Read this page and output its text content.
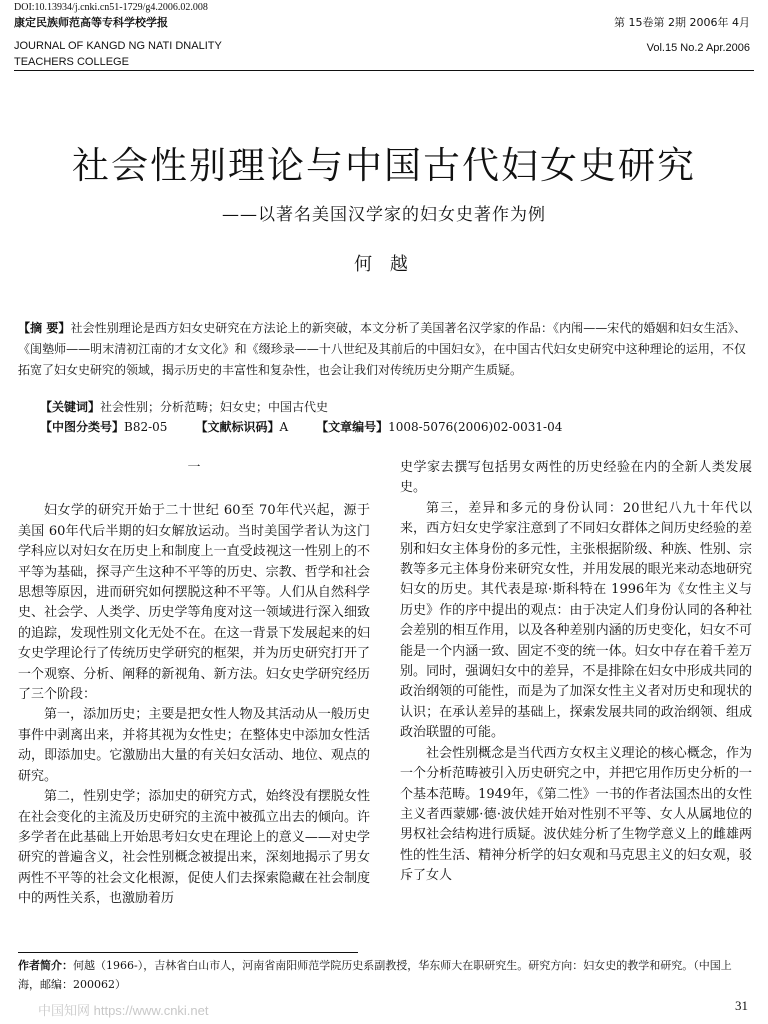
DOI:10.13934/j.cnki.cn51-1729/g4.2006.02.008
康定民族师范高等专科学校学报
JOURNAL OF KANGD NG NATI DNALITY
TEACHERS COLLEGE
第 15卷第 2期 2006年 4月
Vol.15 No.2 Apr.2006
社会性别理论与中国古代妇女史研究
——以著名美国汉学家的妇女史著作为例
何 越
【摘 要】社会性别理论是西方妇女史研究在方法论上的新突破，本文分析了美国著名汉学家的作品：《内闱——宋代的婚姻和妇女生活》、《闺塾师——明末清初江南的才女文化》和《缀珍录——十八世纪及其前后的中国妇女》，在中国古代妇女史研究中这种理论的运用，不仅拓宽了妇女史研究的领域，揭示历史的丰富性和复杂性，也会让我们对传统历史分期产生质疑。
【关键词】社会性别；分析范畴；妇女史；中国古代史
【中图分类号】B82-05 【文献标识码】A 【文章编号】1008-5076(2006)02-0031-04

一

妇女学的研究开始于二十世纪 60至 70年代兴起，源于美国 60年代后半期的妇女解放运动。当时美国学者认为这门学科应以对妇女在历史上和制度上一直受歧视这一性别上的不平等为基础，探寻产生这种不平等的历史、宗教、哲学和社会思想等原因，进而研究如何摆脱这种不平等。人们从自然科学史、社会学、人类学、历史学等角度对这一领域进行深入细致的追踪，发现性别文化无处不在。在这一背景下发展起来的妇女史学理论行了传统历史学研究的框架，并为历史研究打开了一个观察、分析、阐释的新视角、新方法。妇女史学研究经历了三个阶段：

第一，添加历史；主要是把女性人物及其活动从一般历史事件中剥离出来，并将其视为女性史；在整体史中添加女性活动，即添加史。它激励出大量的有关妇女活动、地位、观点的研究。

第二，性别史学；添加史的研究方式，始终没有摆脱女性在社会变化的主流及历史研究的主流中被孤立出去的倾向。许多学者在此基础上开始思考妇女史在理论上的意义——对史学研究的普遍含义，社会性别概念被提出来，深刻地揭示了男女两性不平等的社会文化根源，促使人们去探索隐藏在社会制度中的两性关系，也激励着历

史学家去撰写包括男女两性的历史经验在内的全新人类发展史。

第三，差异和多元的身份认同：20世纪八九十年代以来，西方妇女史学家注意到了不同妇女群体之间历史经验的差别和妇女主体身份的多元性，主张根据阶级、种族、性别、宗教等多元主体身份来研究女性，并用发展的眼光来动态地研究妇女的历史。其代表是琼·斯科特在 1996年为《女性主义与历史》作的序中提出的观点：由于决定人们身份认同的各种社会差别的相互作用，以及各种差别内涵的历史变化，妇女不可能是一个内涵一致、固定不变的统一体。妇女中存在着千差万别。同时，强调妇女中的差异，不是排除在妇女中形成共同的政治纲领的可能性，而是为了加深女性主义者对历史和现状的认识；在承认差异的基础上，探索发展共同的政治纲领、组成政治联盟的可能。

社会性别概念是当代西方女权主义理论的核心概念，作为一个分析范畴被引入历史研究之中，并把它用作历史分析的一个基本范畴。1949年，《第二性》一书的作者法国杰出的女性主义者西蒙娜·德·波伏娃开始对性别不平等、女人从属地位的男权社会结构进行质疑。波伏娃分析了生物学意义上的雌雄两性的性生活、精神分析学的妇女观和马克思主义的妇女观，驳斥了女人

作者简介：何越（1966-），吉林省白山市人，河南省南阳师范学院历史系副教授，华东师大在职研究生。研究方向：妇女史的教学和研究。（中国上海，邮编：200062）
中国知网 https://www.cnki.net	31
